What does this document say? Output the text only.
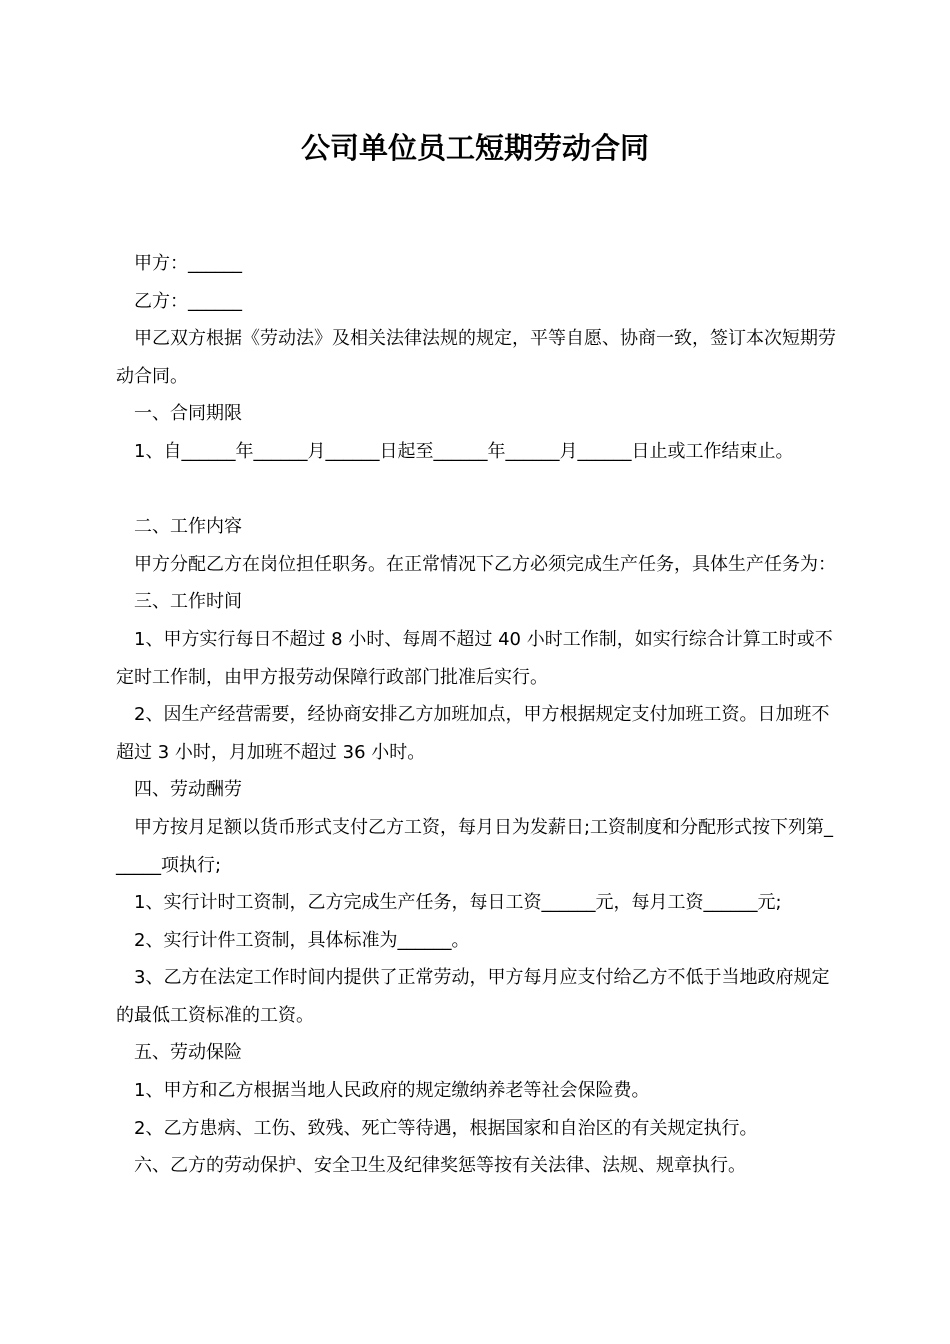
公司单位员工短期劳动合同

甲方：______

乙方：______

甲乙双方根据《劳动法》及相关法律法规的规定，平等自愿、协商一致，签订本次短期劳动合同。

一、合同期限

1、自______年______月______日起至______年______月______日止或工作结束止。

二、工作内容

甲方分配乙方在岗位担任职务。在正常情况下乙方必须完成生产任务，具体生产任务为：

三、工作时间

1、甲方实行每日不超过 8 小时、每周不超过 40 小时工作制，如实行综合计算工时或不定时工作制，由甲方报劳动保障行政部门批准后实行。

2、因生产经营需要，经协商安排乙方加班加点，甲方根据规定支付加班工资。日加班不超过 3 小时，月加班不超过 36 小时。

四、劳动酬劳

甲方按月足额以货币形式支付乙方工资，每月日为发薪日;工资制度和分配形式按下列第______项执行;

1、实行计时工资制，乙方完成生产任务，每日工资______元，每月工资______元;

2、实行计件工资制，具体标准为______。

3、乙方在法定工作时间内提供了正常劳动，甲方每月应支付给乙方不低于当地政府规定的最低工资标准的工资。

五、劳动保险

1、甲方和乙方根据当地人民政府的规定缴纳养老等社会保险费。

2、乙方患病、工伤、致残、死亡等待遇，根据国家和自治区的有关规定执行。

六、乙方的劳动保护、安全卫生及纪律奖惩等按有关法律、法规、规章执行。
